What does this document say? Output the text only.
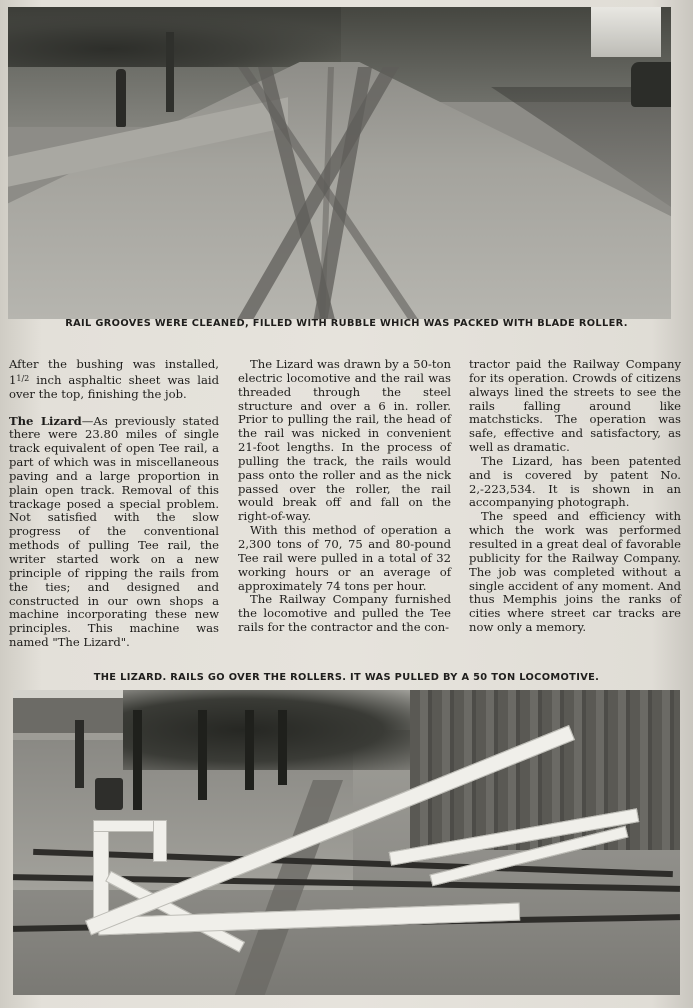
RAIL GROOVES WERE CLEANED, FILLED WITH RUBBLE WHICH WAS PACKED WITH BLADE ROLLER.

After the bushing was installed, $1^{1/2}$ inch asphaltic sheet was laid over the top, finishing the job.

The Lizard—As previously stated there were 23.80 miles of single track equivalent of open Tee rail, a part of which was in miscellaneous paving and a large proportion in plain open track. Removal of this trackage posed a special problem. Not satisfied with the slow progress of the conventional methods of pulling Tee rail, the writer started work on a new principle of ripping the rails from the ties; and designed and constructed in our own shops a machine incorporating these new principles. This machine was named "The Lizard".

The Lizard was drawn by a 50-ton electric locomotive and the rail was threaded through the steel structure and over a 6 in. roller. Prior to pulling the rail, the head of the rail was nicked in convenient 21-foot lengths. In the process of pulling the track, the rails would pass onto the roller and as the nick passed over the roller, the rail would break off and fall on the right-of-way.

With this method of operation a 2,300 tons of 70, 75 and 80-pound Tee rail were pulled in a total of 32 working hours or an average of approximately 74 tons per hour.

The Railway Company furnished the locomotive and pulled the Tee rails for the contractor and the con-

tractor paid the Railway Company for its operation. Crowds of citizens always lined the streets to see the rails falling around like matchsticks. The operation was safe, effective and satisfactory, as well as dramatic.

The Lizard, has been patented and is covered by patent No. 2,-223,534. It is shown in an accompanying photograph.

The speed and efficiency with which the work was performed resulted in a great deal of favorable publicity for the Railway Company. The job was completed without a single accident of any moment. And thus Memphis joins the ranks of cities where street car tracks are now only a memory.

THE LIZARD. RAILS GO OVER THE ROLLERS. IT WAS PULLED BY A 50 TON LOCOMOTIVE.
